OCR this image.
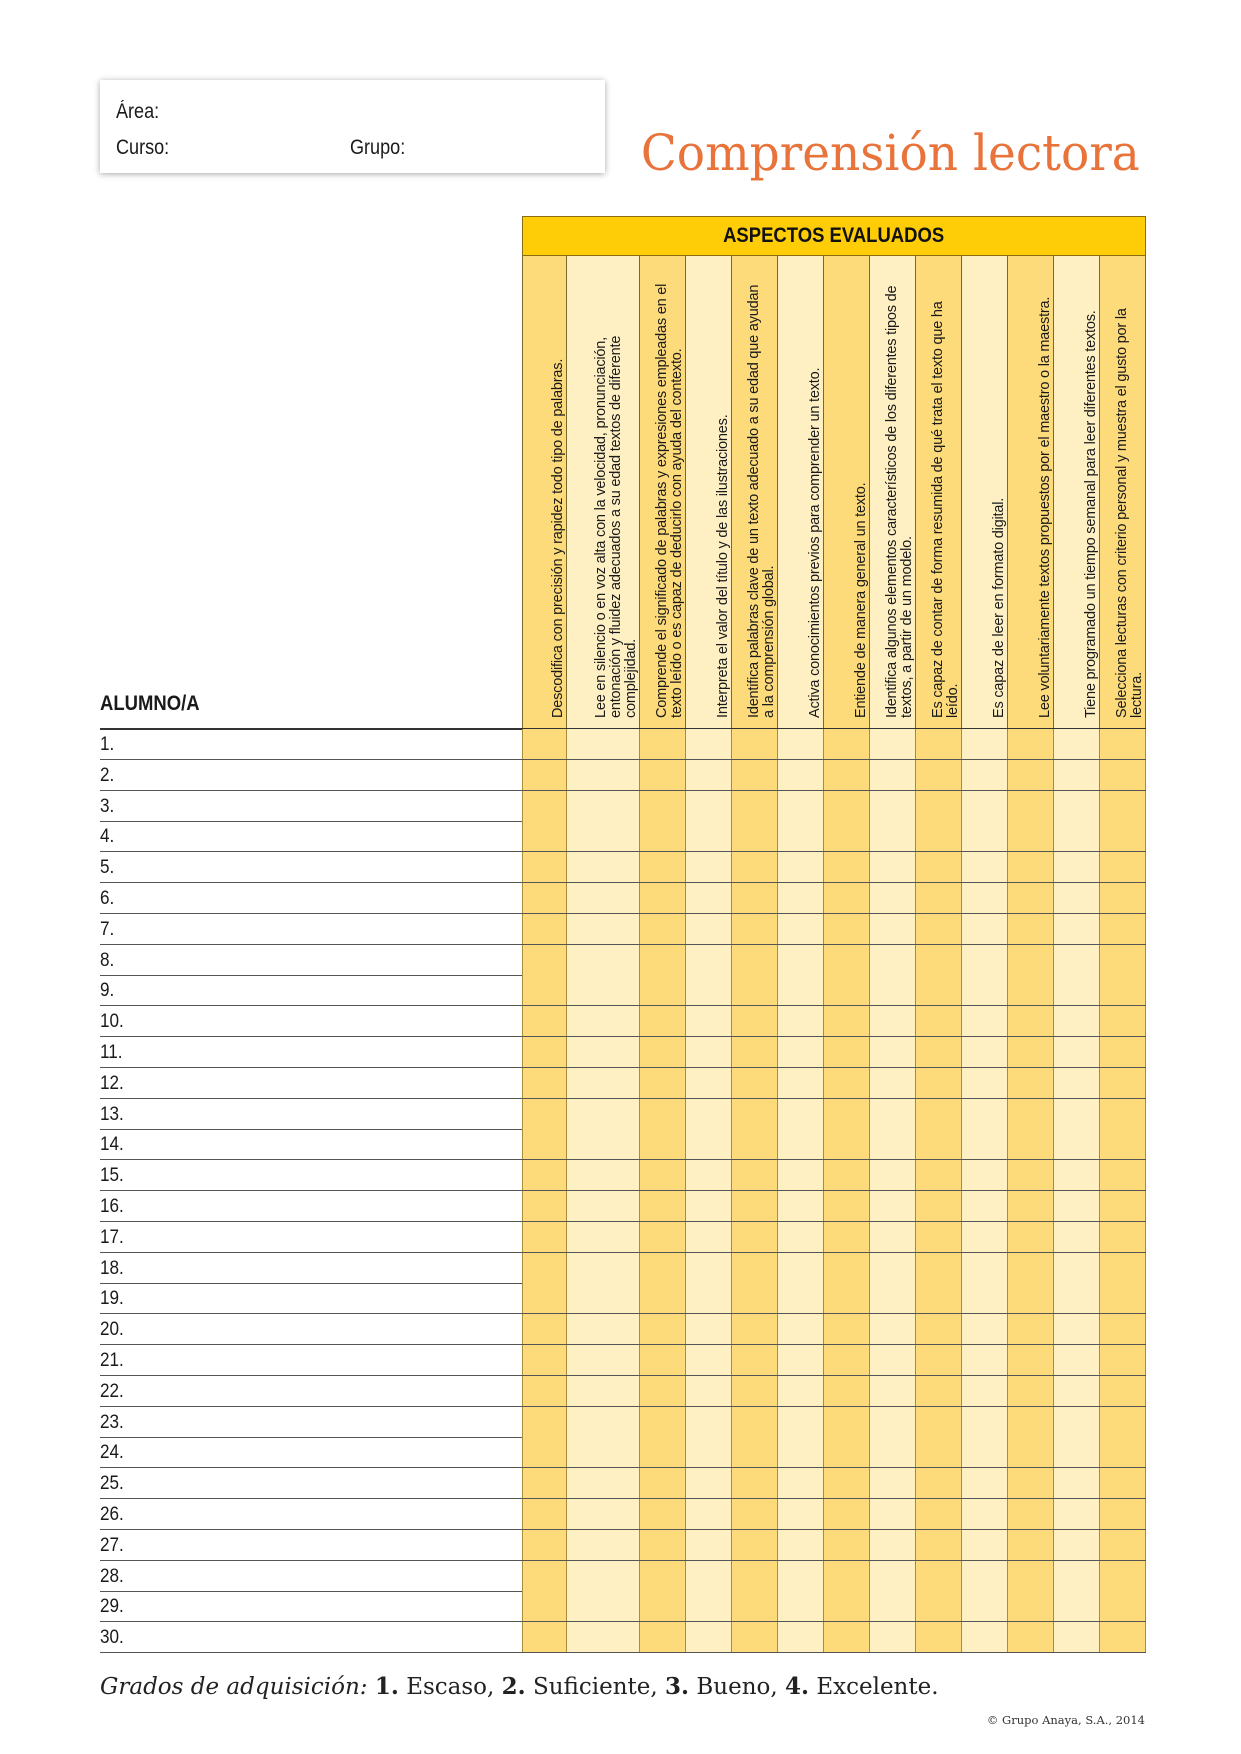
Área:
Curso:	Grupo:	Comprensión lectora
ASPECTOS EVALUADOS
Descodifica con precisión y rapidez todo tipo de palabras. Lee en silencio o en voz alta con la velocidad, pronunciación, entonación y fluidez adecuados a su edad textos de diferente complejidad. Comprende el significado de palabras y expresiones empleadas en el texto leído o es capaz de deducirlo con ayuda del contexto. Interpreta el valor del título y de las ilustraciones. Identifica palabras clave de un texto adecuado a su edad que ayudan a la comprensión global. Activa conocimientos previos para comprender un texto. Entiende de manera general un texto. Identifica algunos elementos característicos de los diferentes tipos de textos, a partir de un modelo. Es capaz de contar de forma resumida de qué trata el texto que ha leído. Es capaz de leer en formato digital. Lee voluntariamente textos propuestos por el maestro o la maestra. Tiene programado un tiempo semanal para leer diferentes textos. Selecciona lecturas con criterio personal y muestra el gusto por la lectura.
ALUMNO/A
1.
2.
3.
4.
5.
6.
7.
8.
9.
10.
11.
12.
13.
14.
15.
16.
17.
18.
19.
20.
21.
22.
23.
24.
25.
26.
27.
28.
29.
30.
Grados de adquisición: 1. Escaso, 2. Suficiente, 3. Bueno, 4. Excelente.
© Grupo Anaya, S.A., 2014
